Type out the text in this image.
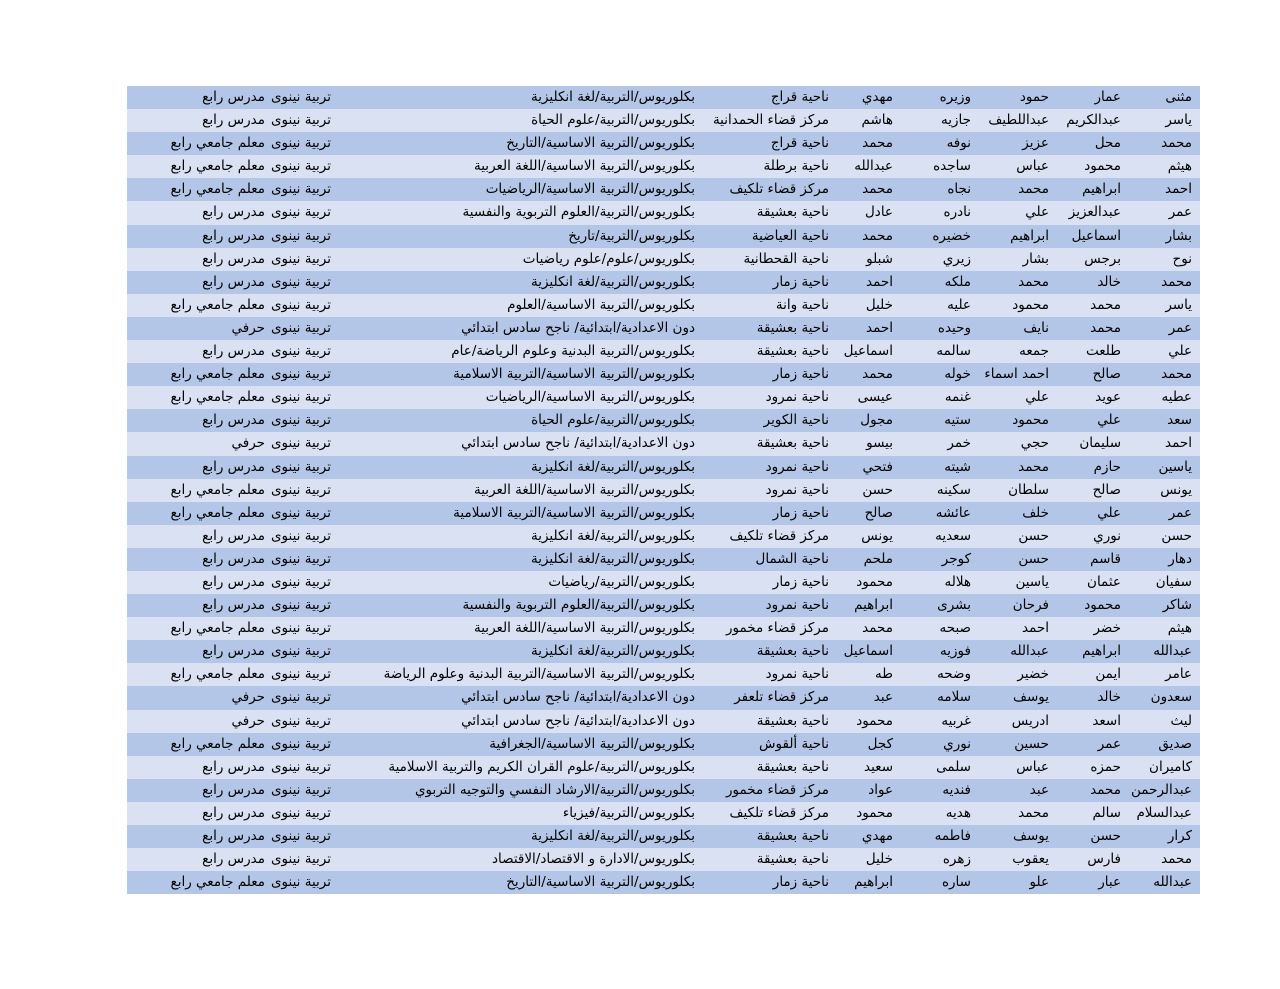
مثنى
عمار
حمود
وزيره
مهدي
ناحية قراج
بكلوريوس/التربية/لغة انكليزية
تربية نينوى
مدرس رابع
ياسر
عبدالكريم
عبداللطيف
جازيه
هاشم
مركز قضاء الحمدانية
بكلوريوس/التربية/علوم الحياة
تربية نينوى
مدرس رابع
محمد
محل
عزيز
نوفه
محمد
ناحية قراج
بكلوريوس/التربية الاساسية/التاريخ
تربية نينوى
معلم جامعي رابع
هيثم
محمود
عباس
ساجده
عبدالله
ناحية برطلة
بكلوريوس/التربية الاساسية/اللغة العربية
تربية نينوى
معلم جامعي رابع
احمد
ابراهيم
محمد
نجاه
محمد
مركز قضاء تلكيف
بكلوريوس/التربية الاساسية/الرياضيات
تربية نينوى
معلم جامعي رابع
عمر
عبدالعزيز
علي
نادره
عادل
ناحية بعشيقة
بكلوريوس/التربية/العلوم التربوية والنفسية
تربية نينوى
مدرس رابع
بشار
اسماعيل
ابراهيم
خضيره
محمد
ناحية العياضية
بكلوريوس/التربية/تاريخ
تربية نينوى
مدرس رابع
نوح
برجس
بشار
زيري
شبلو
ناحية القحطانية
بكلوريوس/علوم/علوم رياضيات
تربية نينوى
مدرس رابع
محمد
خالد
محمد
ملكه
احمد
ناحية زمار
بكلوريوس/التربية/لغة انكليزية
تربية نينوى
مدرس رابع
ياسر
محمد
محمود
عليه
خليل
ناحية وانة
بكلوريوس/التربية الاساسية/العلوم
تربية نينوى
معلم جامعي رابع
عمر
محمد
نايف
وحيده
احمد
ناحية بعشيقة
دون الاعدادية/ابتدائية/ ناجح سادس ابتدائي
تربية نينوى
حرفي
علي
طلعت
جمعه
سالمه
اسماعيل
ناحية بعشيقة
بكلوريوس/التربية البدنية وعلوم الرياضة/عام
تربية نينوى
مدرس رابع
محمد
صالح
احمد اسماء
خوله
محمد
ناحية زمار
بكلوريوس/التربية الاساسية/التربية الاسلامية
تربية نينوى
معلم جامعي رابع
عطيه
عويد
علي
غنمه
عيسى
ناحية نمرود
بكلوريوس/التربية الاساسية/الرياضيات
تربية نينوى
معلم جامعي رابع
سعد
علي
محمود
ستيه
مجول
ناحية الكوير
بكلوريوس/التربية/علوم الحياة
تربية نينوى
مدرس رابع
احمد
سليمان
حجي
خمر
بيسو
ناحية بعشيقة
دون الاعدادية/ابتدائية/ ناجح سادس ابتدائي
تربية نينوى
حرفي
ياسين
حازم
محمد
شيته
فتحي
ناحية نمرود
بكلوريوس/التربية/لغة انكليزية
تربية نينوى
مدرس رابع
يونس
صالح
سلطان
سكينه
حسن
ناحية نمرود
بكلوريوس/التربية الاساسية/اللغة العربية
تربية نينوى
معلم جامعي رابع
عمر
علي
خلف
عائشه
صالح
ناحية زمار
بكلوريوس/التربية الاساسية/التربية الاسلامية
تربية نينوى
معلم جامعي رابع
حسن
نوري
حسن
سعديه
يونس
مركز قضاء تلكيف
بكلوريوس/التربية/لغة انكليزية
تربية نينوى
مدرس رابع
دهار
قاسم
حسن
كوجر
ملحم
ناحية الشمال
بكلوريوس/التربية/لغة انكليزية
تربية نينوى
مدرس رابع
سفيان
عثمان
ياسين
هلاله
محمود
ناحية زمار
بكلوريوس/التربية/رياضيات
تربية نينوى
مدرس رابع
شاكر
محمود
فرحان
بشرى
ابراهيم
ناحية نمرود
بكلوريوس/التربية/العلوم التربوية والنفسية
تربية نينوى
مدرس رابع
هيثم
خضر
احمد
صبحه
محمد
مركز قضاء مخمور
بكلوريوس/التربية الاساسية/اللغة العربية
تربية نينوى
معلم جامعي رابع
عبدالله
ابراهيم
عبدالله
فوزيه
اسماعيل
ناحية بعشيقة
بكلوريوس/التربية/لغة انكليزية
تربية نينوى
مدرس رابع
عامر
ايمن
خضير
وضحه
طه
ناحية نمرود
بكلوريوس/التربية الاساسية/التربية البدنية وعلوم الرياضة
تربية نينوى
معلم جامعي رابع
سعدون
خالد
يوسف
سلامه
عبد
مركز قضاء تلعفر
دون الاعدادية/ابتدائية/ ناجح سادس ابتدائي
تربية نينوى
حرفي
ليث
اسعد
ادريس
غربيه
محمود
ناحية بعشيقة
دون الاعدادية/ابتدائية/ ناجح سادس ابتدائي
تربية نينوى
حرفي
صديق
عمر
حسين
نوري
كجل
ناحية ألقوش
بكلوريوس/التربية الاساسية/الجغرافية
تربية نينوى
معلم جامعي رابع
كاميران
حمزه
عباس
سلمى
سعيد
ناحية بعشيقة
بكلوريوس/التربية/علوم القران الكريم والتربية الاسلامية
تربية نينوى
مدرس رابع
عبدالرحمن
محمد
عبد
فنديه
عواد
مركز قضاء مخمور
بكلوريوس/التربية/الارشاد النفسي والتوجيه التربوي
تربية نينوى
مدرس رابع
عبدالسلام
سالم
محمد
هديه
محمود
مركز قضاء تلكيف
بكلوريوس/التربية/فيزياء
تربية نينوى
مدرس رابع
كرار
حسن
يوسف
فاطمه
مهدي
ناحية بعشيقة
بكلوريوس/التربية/لغة انكليزية
تربية نينوى
مدرس رابع
محمد
فارس
يعقوب
زهره
خليل
ناحية بعشيقة
بكلوريوس/الادارة و الاقتصاد/الاقتصاد
تربية نينوى
مدرس رابع
عبدالله
عبار
علو
ساره
ابراهيم
ناحية زمار
بكلوريوس/التربية الاساسية/التاريخ
تربية نينوى
معلم جامعي رابع
